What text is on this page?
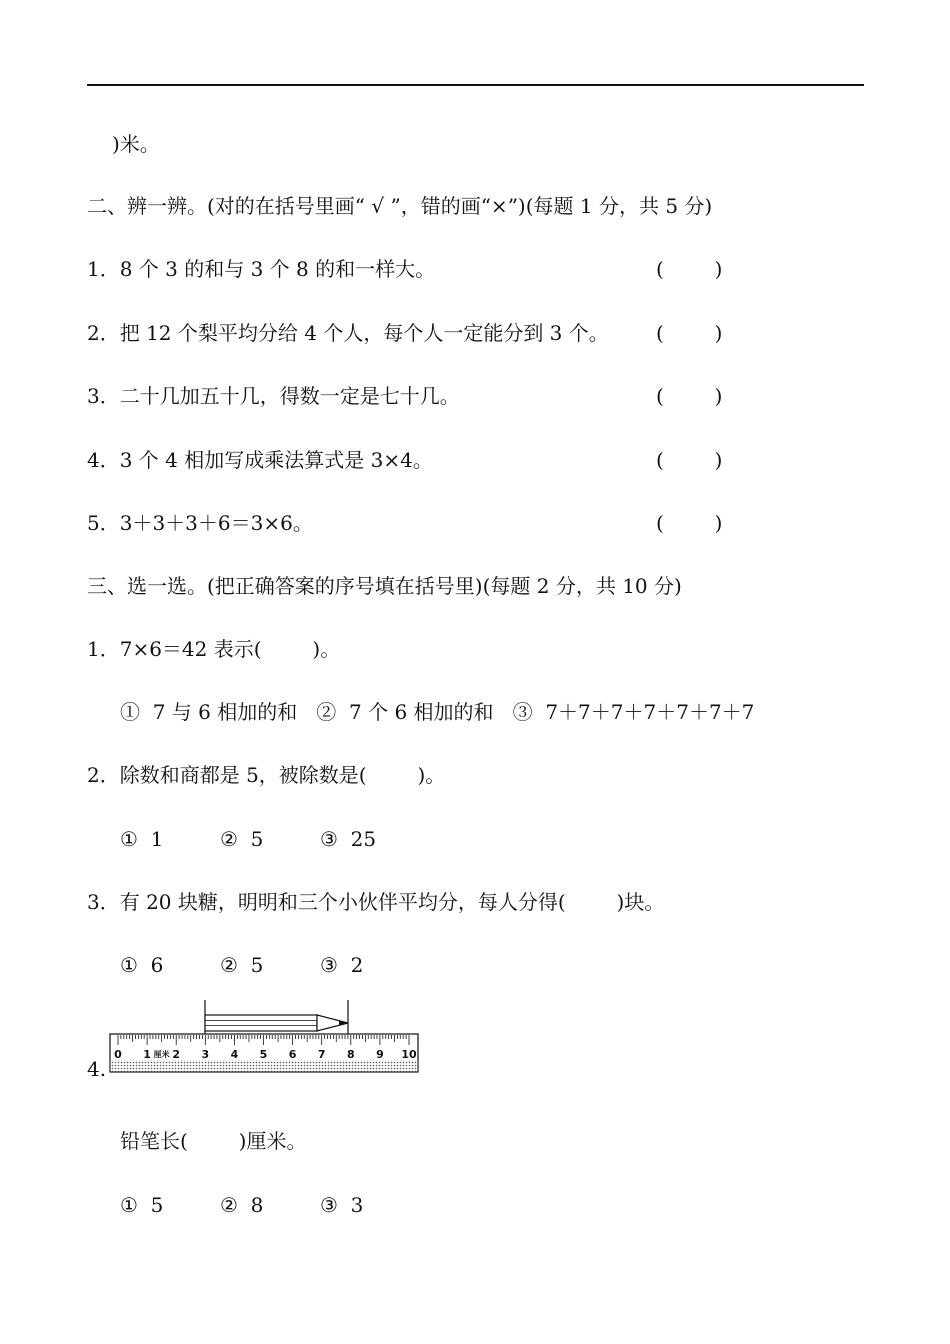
)米。
二、辨一辨。(对的在括号里画“ √ ”，错的画“×”)(每题 1 分，共 5 分)
1．8 个 3 的和与 3 个 8 的和一样大。	(        )
2．把 12 个梨平均分给 4 个人，每个人一定能分到 3 个。 (        )
3．二十几加五十几，得数一定是七十几。	(        )
4．3 个 4 相加写成乘法算式是 3×4。	(        )
5．3＋3＋3＋6＝3×6。	(        )
三、选一选。(把正确答案的序号填在括号里)(每题 2 分，共 10 分)
1．7×6＝42 表示(        )。
①  7 与 6 相加的和   ②  7 个 6 相加的和   ③  7＋7＋7＋7＋7＋7＋7
2．除数和商都是 5，被除数是(        )。
①  1	②  5	③  25
3．有 20 块糖，明明和三个小伙伴平均分，每人分得(        )块。
①  6	②  5	③  2
4.
0 1 2 3 4 5 6 7 8 9 10
厘米
铅笔长(        )厘米。
①  5	②  8	③  3
